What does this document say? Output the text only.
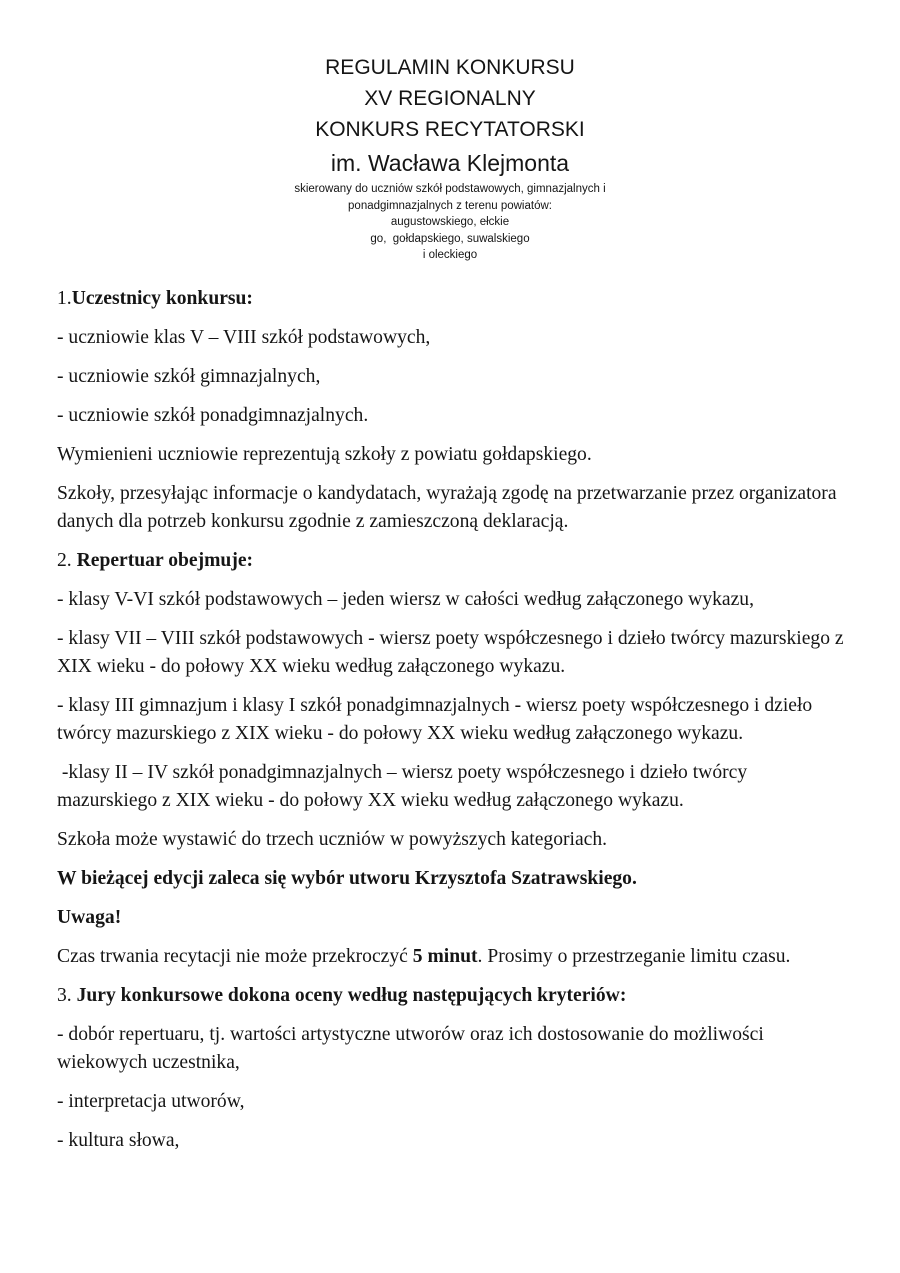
REGULAMIN KONKURSU
XV REGIONALNY
KONKURS RECYTATORSKI
im. Wacława Klejmonta
skierowany do uczniów szkół podstawowych, gimnazjalnych i
ponadgimnazjalnych z terenu powiatów:
augustowskiego, ełckie
go,  gołdapskiego, suwalskiego
i oleckiego

1.Uczestnicy konkursu:

- uczniowie klas V – VIII szkół podstawowych,

- uczniowie szkół gimnazjalnych,

- uczniowie szkół ponadgimnazjalnych.

Wymienieni uczniowie reprezentują szkoły z powiatu gołdapskiego.

Szkoły, przesyłając informacje o kandydatach, wyrażają zgodę na przetwarzanie przez organizatora danych dla potrzeb konkursu zgodnie z zamieszczoną deklaracją.

2. Repertuar obejmuje:

- klasy V-VI szkół podstawowych – jeden wiersz w całości według załączonego wykazu,

- klasy VII – VIII szkół podstawowych - wiersz poety współczesnego i dzieło twórcy mazurskiego z XIX wieku - do połowy XX wieku według załączonego wykazu.

- klasy III gimnazjum i klasy I szkół ponadgimnazjalnych - wiersz poety współczesnego i dzieło twórcy mazurskiego z XIX wieku - do połowy XX wieku według załączonego wykazu.

-klasy II – IV szkół ponadgimnazjalnych – wiersz poety współczesnego i dzieło twórcy mazurskiego z XIX wieku - do połowy XX wieku według załączonego wykazu.

Szkoła może wystawić do trzech uczniów w powyższych kategoriach.

W bieżącej edycji zaleca się wybór utworu Krzysztofa Szatrawskiego.

Uwaga!

Czas trwania recytacji nie może przekroczyć 5 minut. Prosimy o przestrzeganie limitu czasu.

3. Jury konkursowe dokona oceny według następujących kryteriów:

- dobór repertuaru, tj. wartości artystyczne utworów oraz ich dostosowanie do możliwości wiekowych uczestnika,

- interpretacja utworów,

- kultura słowa,
